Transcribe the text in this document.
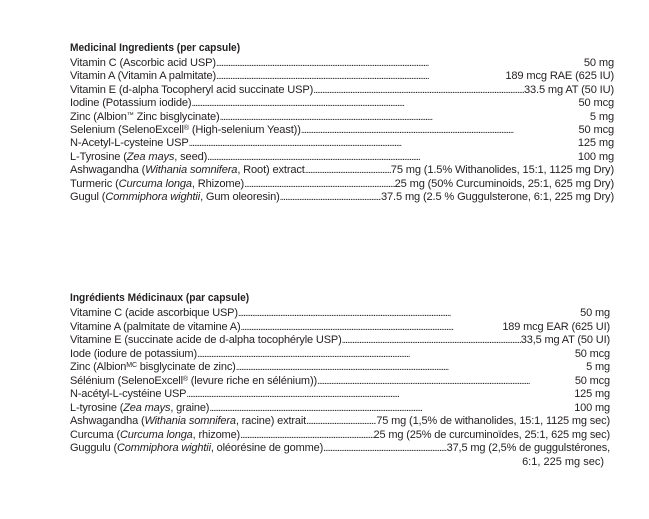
Medicinal Ingredients (per capsule)
Vitamin C (Ascorbic acid USP) . . .	50 mg
Vitamin A (Vitamin A palmitate) . . .	189 mcg RAE (625 IU)
Vitamin E (d-alpha Tocopheryl acid succinate USP) . . .	33.5 mg AT (50 IU)
Iodine (Potassium iodide) . . .	50 mcg
Zinc (Albion™ Zinc bisglycinate) . . .	5 mg
Selenium (SelenoExcell® (High-selenium Yeast)) . . .	50 mcg
N-Acetyl-L-cysteine USP . . .	125 mg
L-Tyrosine (Zea mays, seed) . . .	100 mg
Ashwagandha (Withania somnifera, Root) extract . . .	75 mg (1.5% Withanolides, 15:1, 1125 mg Dry)
Turmeric (Curcuma longa, Rhizome) . . .	25 mg (50% Curcuminoids, 25:1, 625 mg Dry)
Gugul (Commiphora wightii, Gum oleoresin) . . .	37.5 mg (2.5 % Guggulsterone, 6:1, 225 mg Dry)
Ingrédients Médicinaux (par capsule)
Vitamine C (acide ascorbique USP) . . .	50 mg
Vitamine A (palmitate de vitamine A) . . .	189 mcg EAR (625 UI)
Vitamine E (succinate acide de d-alpha tocophéryle USP) . . .	33,5 mg AT (50 UI)
Iode (iodure de potassium) . . .	50 mcg
Zinc (Albion$^{MC}$ bisglycinate de zinc) . . .	5 mg
Sélénium (SelenoExcell® (levure riche en sélénium)) . . .	50 mcg
N-acétyl-L-cystéine USP . . .	125 mg
L-tyrosine (Zea mays, graine) . . .	100 mg
Ashwagandha (Withania somnifera, racine) extrait . . .	75 mg (1,5% de withanolides, 15:1, 1125 mg sec)
Curcuma (Curcuma longa, rhizome) . . .	25 mg (25% de curcuminoïdes, 25:1, 625 mg sec)
Guggulu (Commiphora wightii, oléorésine de gomme) . . .	37,5 mg (2,5% de guggulstérones,
6:1, 225 mg sec)
